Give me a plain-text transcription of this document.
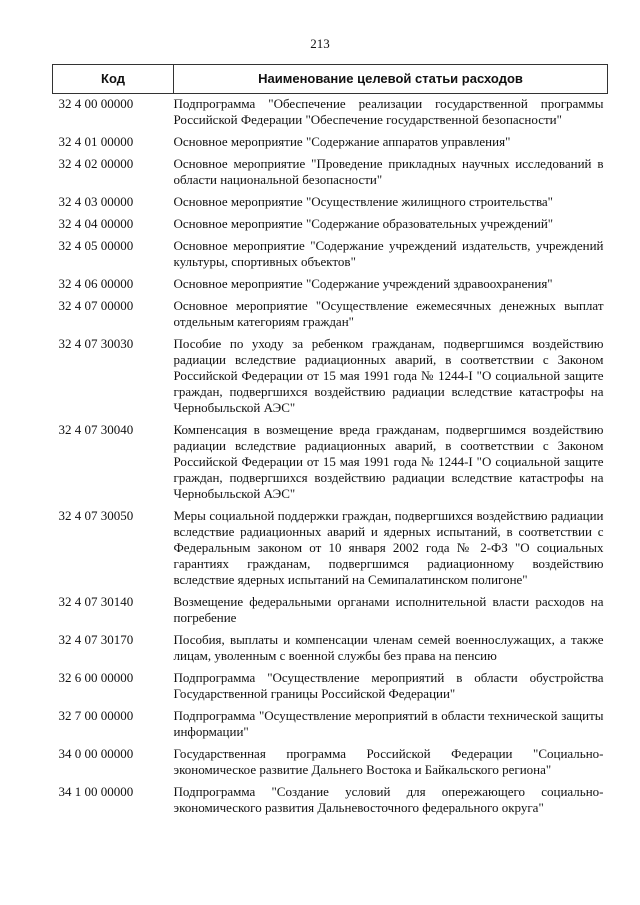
213
Код	Наименование целевой статьи расходов
32 4 00 00000	Подпрограмма "Обеспечение реализации государственной программы Российской Федерации "Обеспечение государственной безопасности"
32 4 01 00000	Основное мероприятие "Содержание аппаратов управления"
32 4 02 00000	Основное мероприятие "Проведение прикладных научных исследований в области национальной безопасности"
32 4 03 00000	Основное мероприятие "Осуществление жилищного строительства"
32 4 04 00000	Основное мероприятие "Содержание образовательных учреждений"
32 4 05 00000	Основное мероприятие "Содержание учреждений издательств, учреждений культуры, спортивных объектов"
32 4 06 00000	Основное мероприятие "Содержание учреждений здравоохранения"
32 4 07 00000	Основное мероприятие "Осуществление ежемесячных денежных выплат отдельным категориям граждан"
32 4 07 30030	Пособие по уходу за ребенком гражданам, подвергшимся воздействию радиации вследствие радиационных аварий, в соответствии с Законом Российской Федерации от 15 мая 1991 года № 1244-I "О социальной защите граждан, подвергшихся воздействию радиации вследствие катастрофы на Чернобыльской АЭС"
32 4 07 30040	Компенсация в возмещение вреда гражданам, подвергшимся воздействию радиации вследствие радиационных аварий, в соответствии с Законом Российской Федерации от 15 мая 1991 года № 1244-I "О социальной защите граждан, подвергшихся воздействию радиации вследствие катастрофы на Чернобыльской АЭС"
32 4 07 30050	Меры социальной поддержки граждан, подвергшихся воздействию радиации вследствие радиационных аварий и ядерных испытаний, в соответствии с Федеральным законом от 10 января 2002 года № 2-ФЗ "О социальных гарантиях гражданам, подвергшимся радиационному воздействию вследствие ядерных испытаний на Семипалатинском полигоне"
32 4 07 30140	Возмещение федеральными органами исполнительной власти расходов на погребение
32 4 07 30170	Пособия, выплаты и компенсации членам семей военнослужащих, а также лицам, уволенным с военной службы без права на пенсию
32 6 00 00000	Подпрограмма "Осуществление мероприятий в области обустройства Государственной границы Российской Федерации"
32 7 00 00000	Подпрограмма "Осуществление мероприятий в области технической защиты информации"
34 0 00 00000	Государственная программа Российской Федерации "Социально-экономическое развитие Дальнего Востока и Байкальского региона"
34 1 00 00000	Подпрограмма "Создание условий для опережающего социально-экономического развития Дальневосточного федерального округа"
